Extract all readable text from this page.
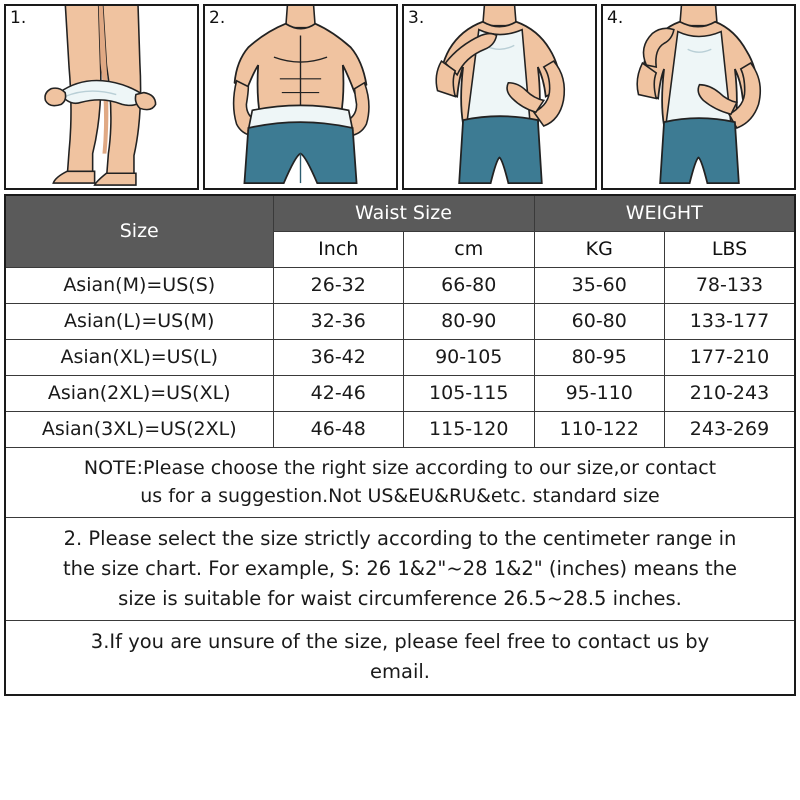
1.	2.	3.	4.
Size	Waist Size		WEIGHT	
	Inch	cm	KG	LBS
Asian(M)=US(S)	26-32	66-80	35-60	78-133
Asian(L)=US(M)	32-36	80-90	60-80	133-177
Asian(XL)=US(L)	36-42	90-105	80-95	177-210
Asian(2XL)=US(XL)	42-46	105-115	95-110	210-243
Asian(3XL)=US(2XL)	46-48	115-120	110-122	243-269

NOTE:Please choose the right size according to our size,or contact
us for a suggestion.Not US&EU&RU&etc. standard size				

2. Please select the size strictly according to the centimeter range in
the size chart. For example, S: 26 1&2"~28 1&2" (inches) means the
size is suitable for waist circumference 26.5~28.5 inches.				

3.If you are unsure of the size, please feel free to contact us by
email.				
